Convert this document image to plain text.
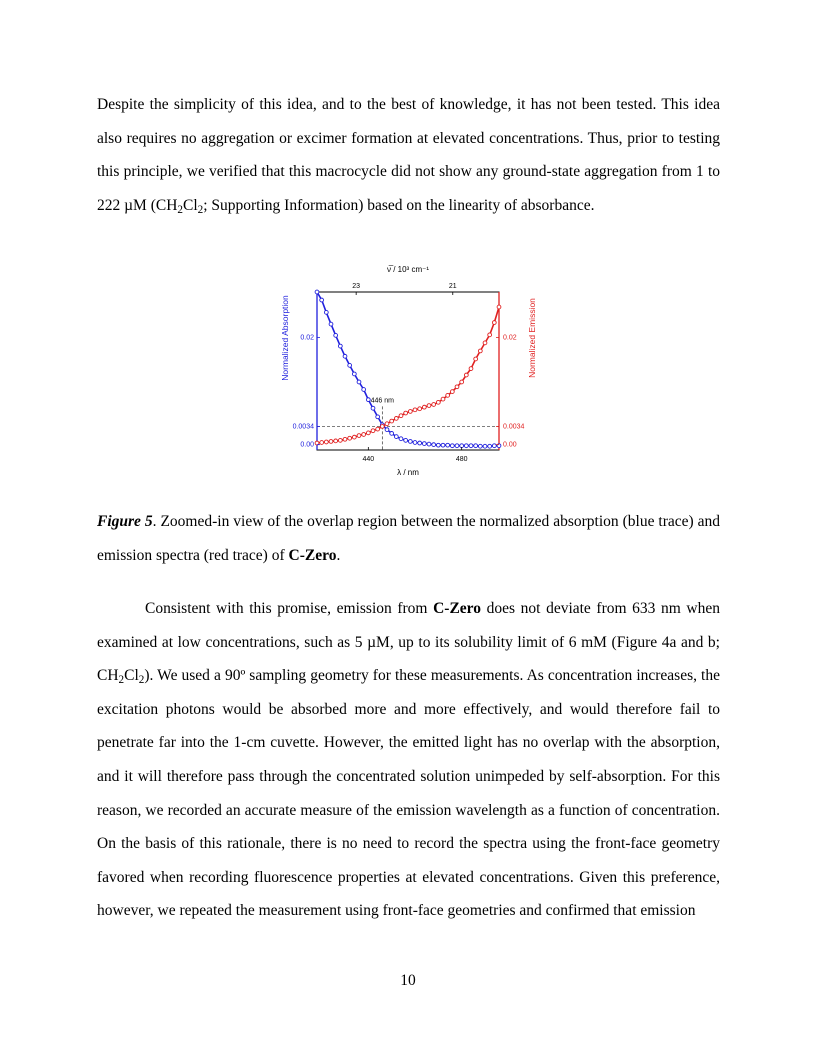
Despite the simplicity of this idea, and to the best of knowledge, it has not been tested. This idea also requires no aggregation or excimer formation at elevated concentrations. Thus, prior to testing this principle, we verified that this macrocycle did not show any ground-state aggregation from 1 to 222 µM ($CH_2Cl_2$; Supporting Information) based on the linearity of absorbance.

ν̅ / 10³ cm⁻¹
23	21
440	480
λ / nm
0.02
0.0034
0.00
0.02
0.0034
0.00
Normalized Absorption	Normalized Emission
446 nm

Figure 5. Zoomed-in view of the overlap region between the normalized absorption (blue trace) and emission spectra (red trace) of C-Zero.

Consistent with this promise, emission from C-Zero does not deviate from 633 nm when examined at low concentrations, such as 5 µM, up to its solubility limit of 6 mM (Figure 4a and b; $CH_2Cl_2$). We used a 90º sampling geometry for these measurements. As concentration increases, the excitation photons would be absorbed more and more effectively, and would therefore fail to penetrate far into the 1-cm cuvette. However, the emitted light has no overlap with the absorption, and it will therefore pass through the concentrated solution unimpeded by self-absorption. For this reason, we recorded an accurate measure of the emission wavelength as a function of concentration. On the basis of this rationale, there is no need to record the spectra using the front-face geometry favored when recording fluorescence properties at elevated concentrations. Given this preference, however, we repeated the measurement using front-face geometries and confirmed that emission

10
